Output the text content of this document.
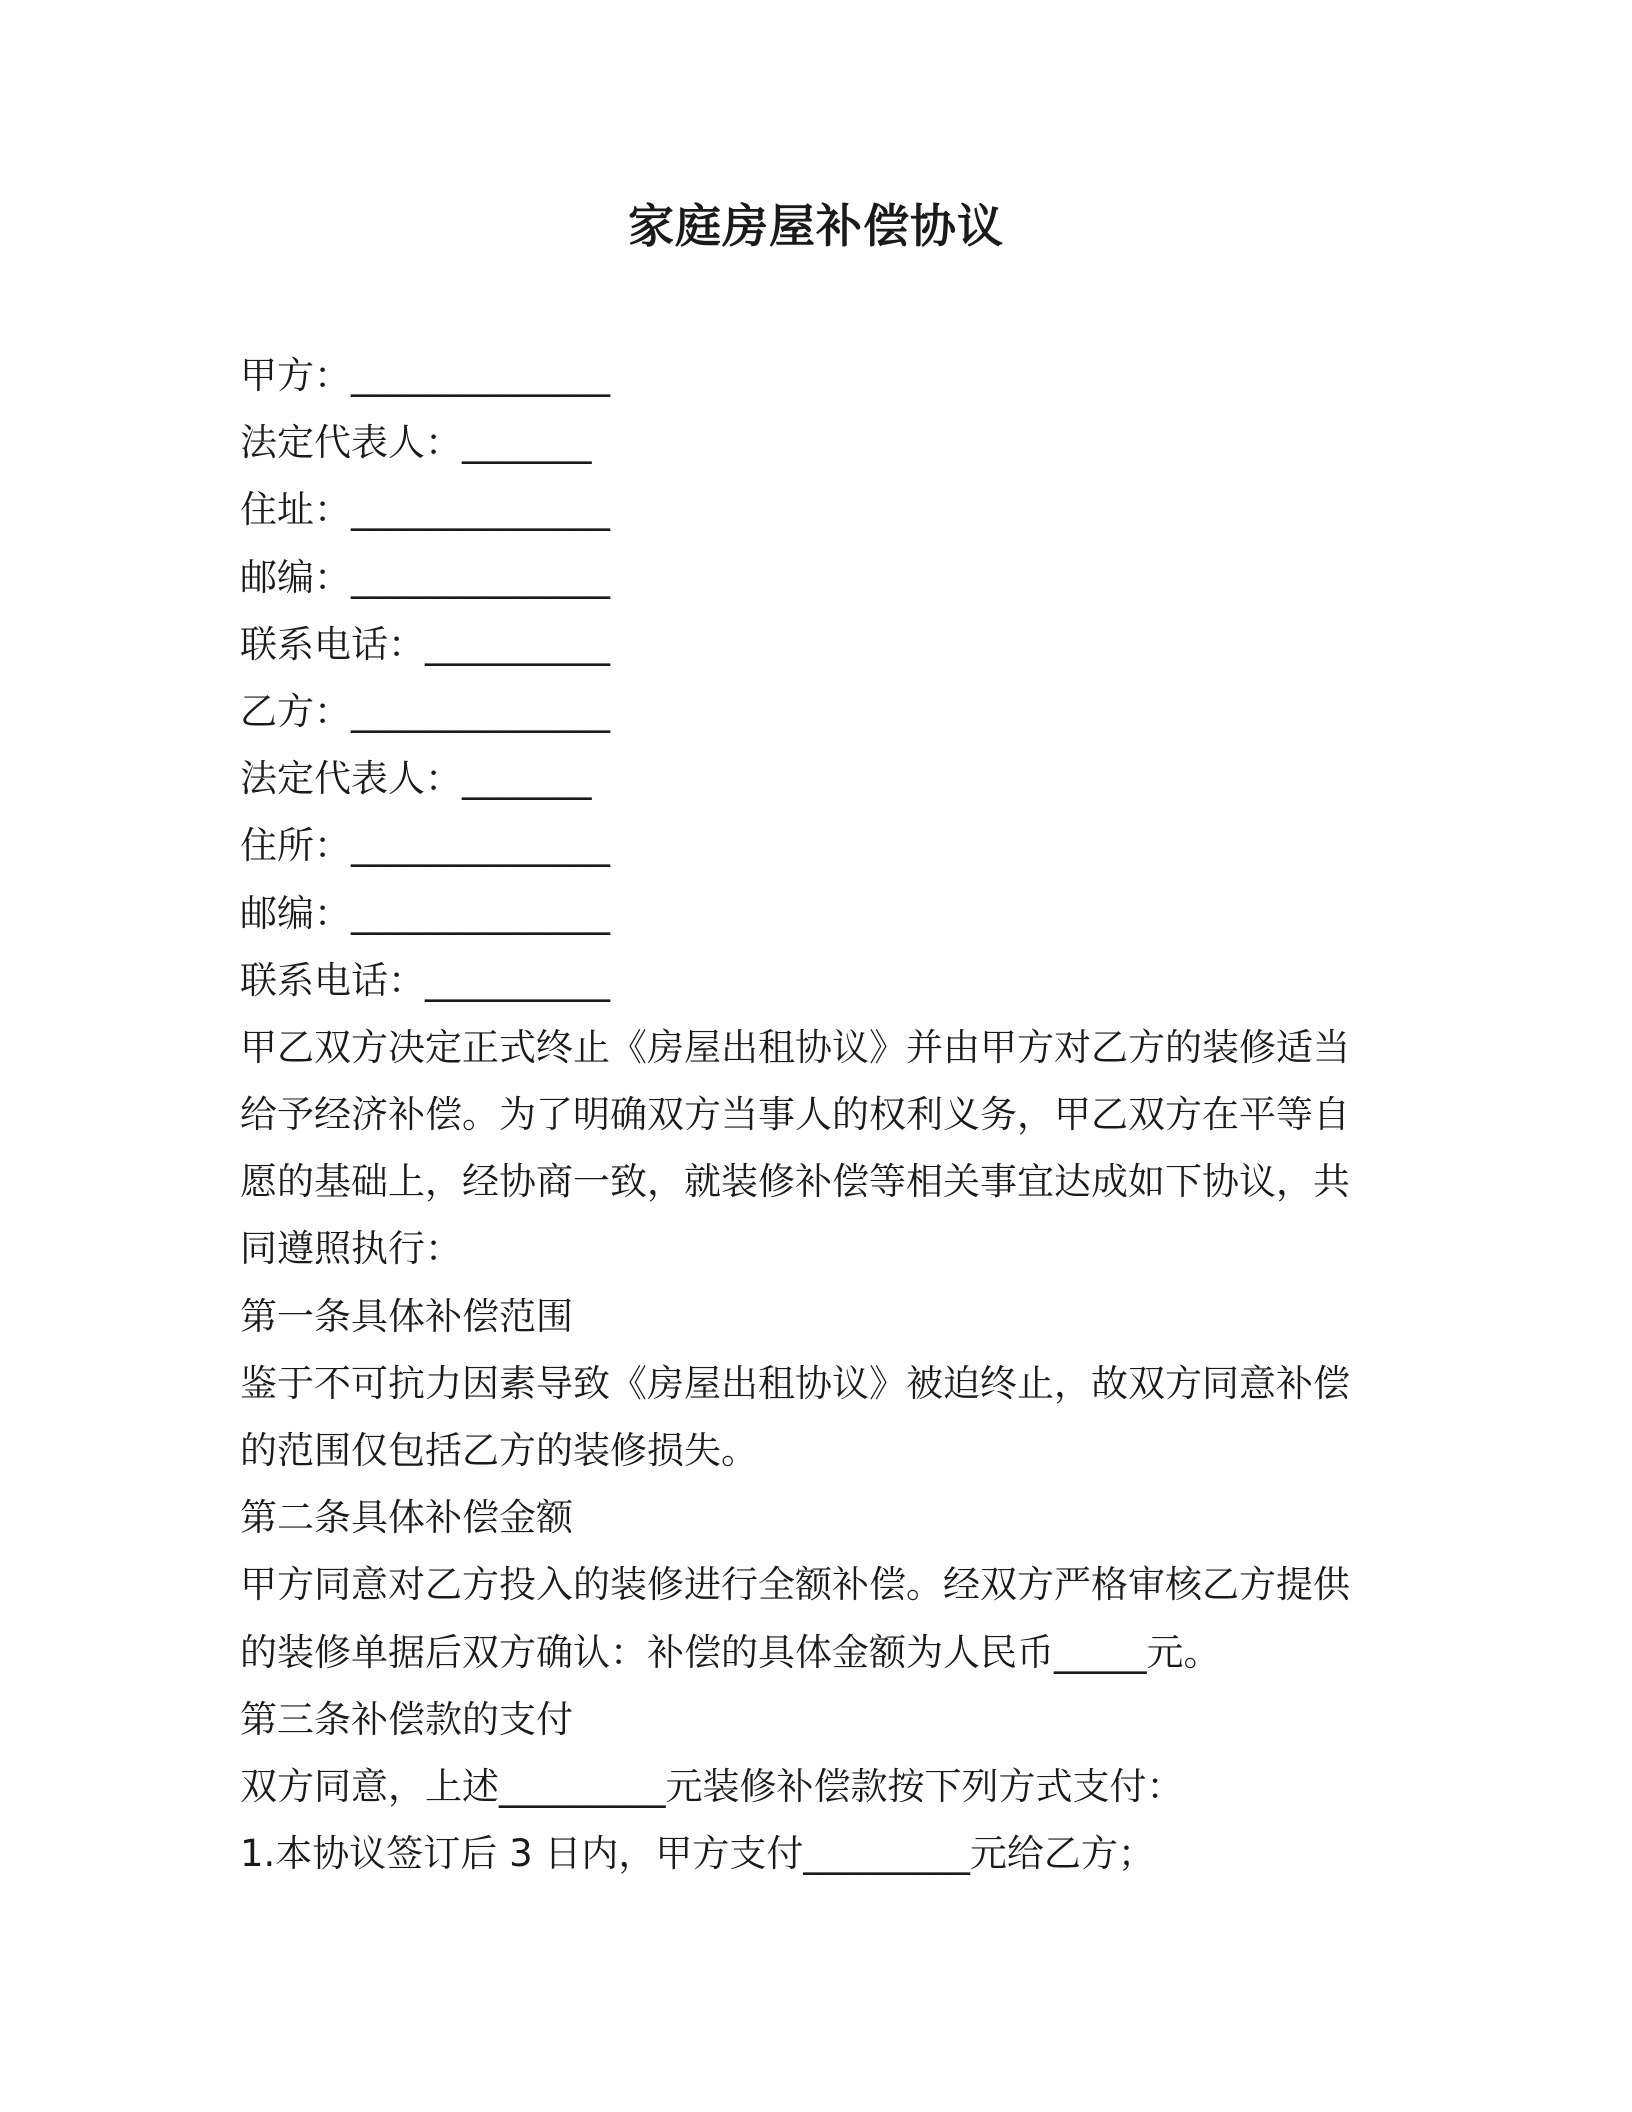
家庭房屋补偿协议
甲方：______________
法定代表人：_______
住址：______________
邮编：______________
联系电话：__________
乙方：______________
法定代表人：_______
住所：______________
邮编：______________
联系电话：__________
甲乙双方决定正式终止《房屋出租协议》并由甲方对乙方的装修适当
给予经济补偿。为了明确双方当事人的权利义务，甲乙双方在平等自
愿的基础上，经协商一致，就装修补偿等相关事宜达成如下协议，共
同遵照执行：
第一条具体补偿范围
鉴于不可抗力因素导致《房屋出租协议》被迫终止，故双方同意补偿
的范围仅包括乙方的装修损失。
第二条具体补偿金额
甲方同意对乙方投入的装修进行全额补偿。经双方严格审核乙方提供
的装修单据后双方确认：补偿的具体金额为人民币_____元。
第三条补偿款的支付
双方同意，上述_________元装修补偿款按下列方式支付：
1.本协议签订后 3 日内，甲方支付_________元给乙方；
